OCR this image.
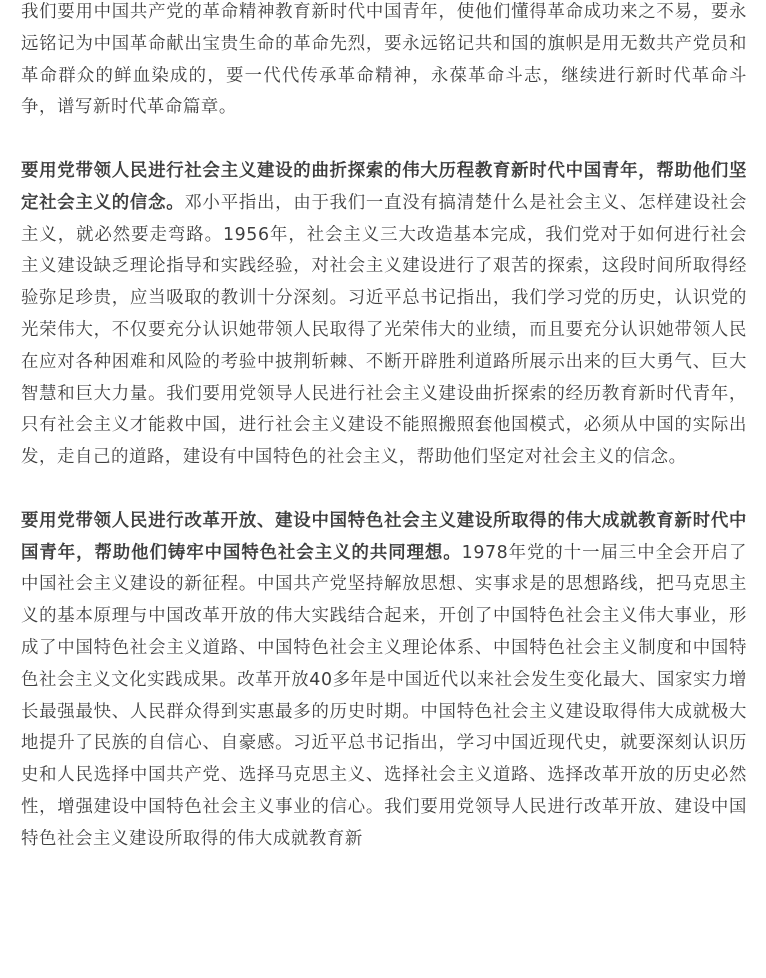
我们要用中国共产党的革命精神教育新时代中国青年，使他们懂得革命成功来之不易，要永远铭记为中国革命献出宝贵生命的革命先烈，要永远铭记共和国的旗帜是用无数共产党员和革命群众的鲜血染成的，要一代代传承革命精神，永葆革命斗志，继续进行新时代革命斗争，谱写新时代革命篇章。

要用党带领人民进行社会主义建设的曲折探索的伟大历程教育新时代中国青年，帮助他们坚定社会主义的信念。邓小平指出，由于我们一直没有搞清楚什么是社会主义、怎样建设社会主义，就必然要走弯路。1956年，社会主义三大改造基本完成，我们党对于如何进行社会主义建设缺乏理论指导和实践经验，对社会主义建设进行了艰苦的探索，这段时间所取得经验弥足珍贵，应当吸取的教训十分深刻。习近平总书记指出，我们学习党的历史，认识党的光荣伟大，不仅要充分认识她带领人民取得了光荣伟大的业绩，而且要充分认识她带领人民在应对各种困难和风险的考验中披荆斩棘、不断开辟胜利道路所展示出来的巨大勇气、巨大智慧和巨大力量。我们要用党领导人民进行社会主义建设曲折探索的经历教育新时代青年，只有社会主义才能救中国，进行社会主义建设不能照搬照套他国模式，必须从中国的实际出发，走自己的道路，建设有中国特色的社会主义，帮助他们坚定对社会主义的信念。

要用党带领人民进行改革开放、建设中国特色社会主义建设所取得的伟大成就教育新时代中国青年，帮助他们铸牢中国特色社会主义的共同理想。1978年党的十一届三中全会开启了中国社会主义建设的新征程。中国共产党坚持解放思想、实事求是的思想路线，把马克思主义的基本原理与中国改革开放的伟大实践结合起来，开创了中国特色社会主义伟大事业，形成了中国特色社会主义道路、中国特色社会主义理论体系、中国特色社会主义制度和中国特色社会主义文化实践成果。改革开放40多年是中国近代以来社会发生变化最大、国家实力增长最强最快、人民群众得到实惠最多的历史时期。中国特色社会主义建设取得伟大成就极大地提升了民族的自信心、自豪感。习近平总书记指出，学习中国近现代史，就要深刻认识历史和人民选择中国共产党、选择马克思主义、选择社会主义道路、选择改革开放的历史必然性，增强建设中国特色社会主义事业的信心。我们要用党领导人民进行改革开放、建设中国特色社会主义建设所取得的伟大成就教育新
